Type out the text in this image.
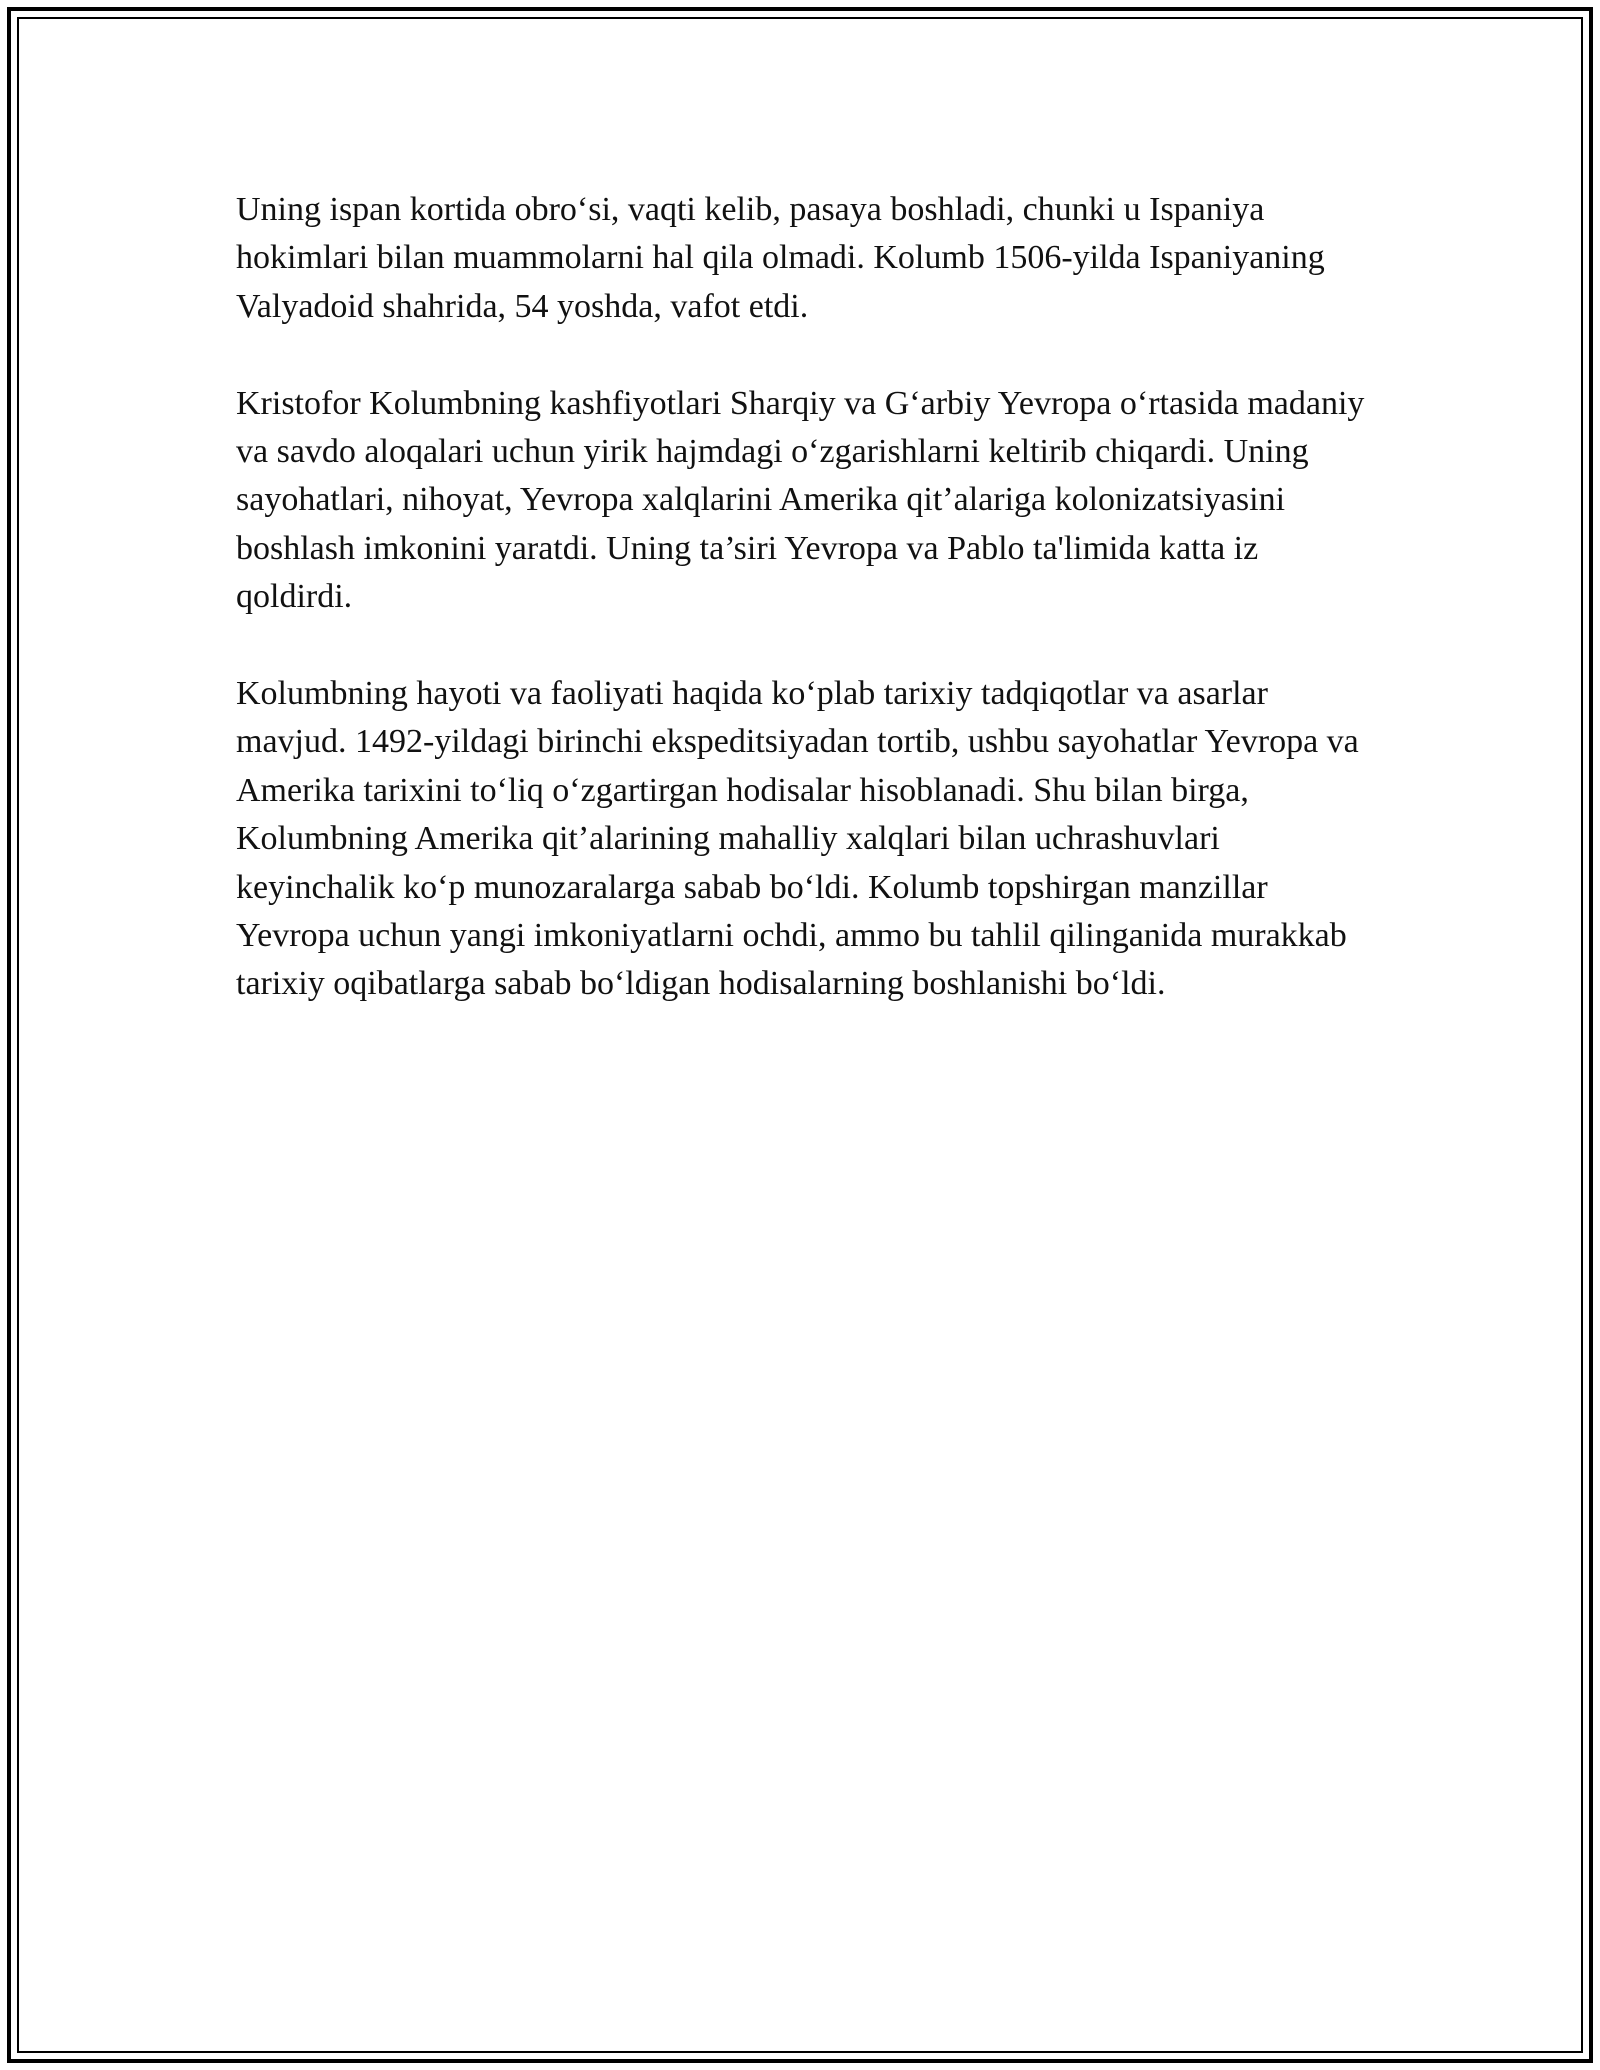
Uning ispan kortida obro‘si, vaqti kelib, pasaya boshladi, chunki u Ispaniya hokimlari bilan muammolarni hal qila olmadi. Kolumb 1506-yilda Ispaniyaning Valyadoid shahrida, 54 yoshda, vafot etdi.

Kristofor Kolumbning kashfiyotlari Sharqiy va G‘arbiy Yevropa o‘rtasida madaniy va savdo aloqalari uchun yirik hajmdagi o‘zgarishlarni keltirib chiqardi. Uning sayohatlari, nihoyat, Yevropa xalqlarini Amerika qit’alariga kolonizatsiyasini boshlash imkonini yaratdi. Uning ta’siri Yevropa va Pablo ta'limida katta iz qoldirdi.

Kolumbning hayoti va faoliyati haqida ko‘plab tarixiy tadqiqotlar va asarlar mavjud. 1492-yildagi birinchi ekspeditsiyadan tortib, ushbu sayohatlar Yevropa va Amerika tarixini to‘liq o‘zgartirgan hodisalar hisoblanadi. Shu bilan birga, Kolumbning Amerika qit’alarining mahalliy xalqlari bilan uchrashuvlari keyinchalik ko‘p munozaralarga sabab bo‘ldi. Kolumb topshirgan manzillar Yevropa uchun yangi imkoniyatlarni ochdi, ammo bu tahlil qilinganida murakkab tarixiy oqibatlarga sabab bo‘ldigan hodisalarning boshlanishi bo‘ldi.
